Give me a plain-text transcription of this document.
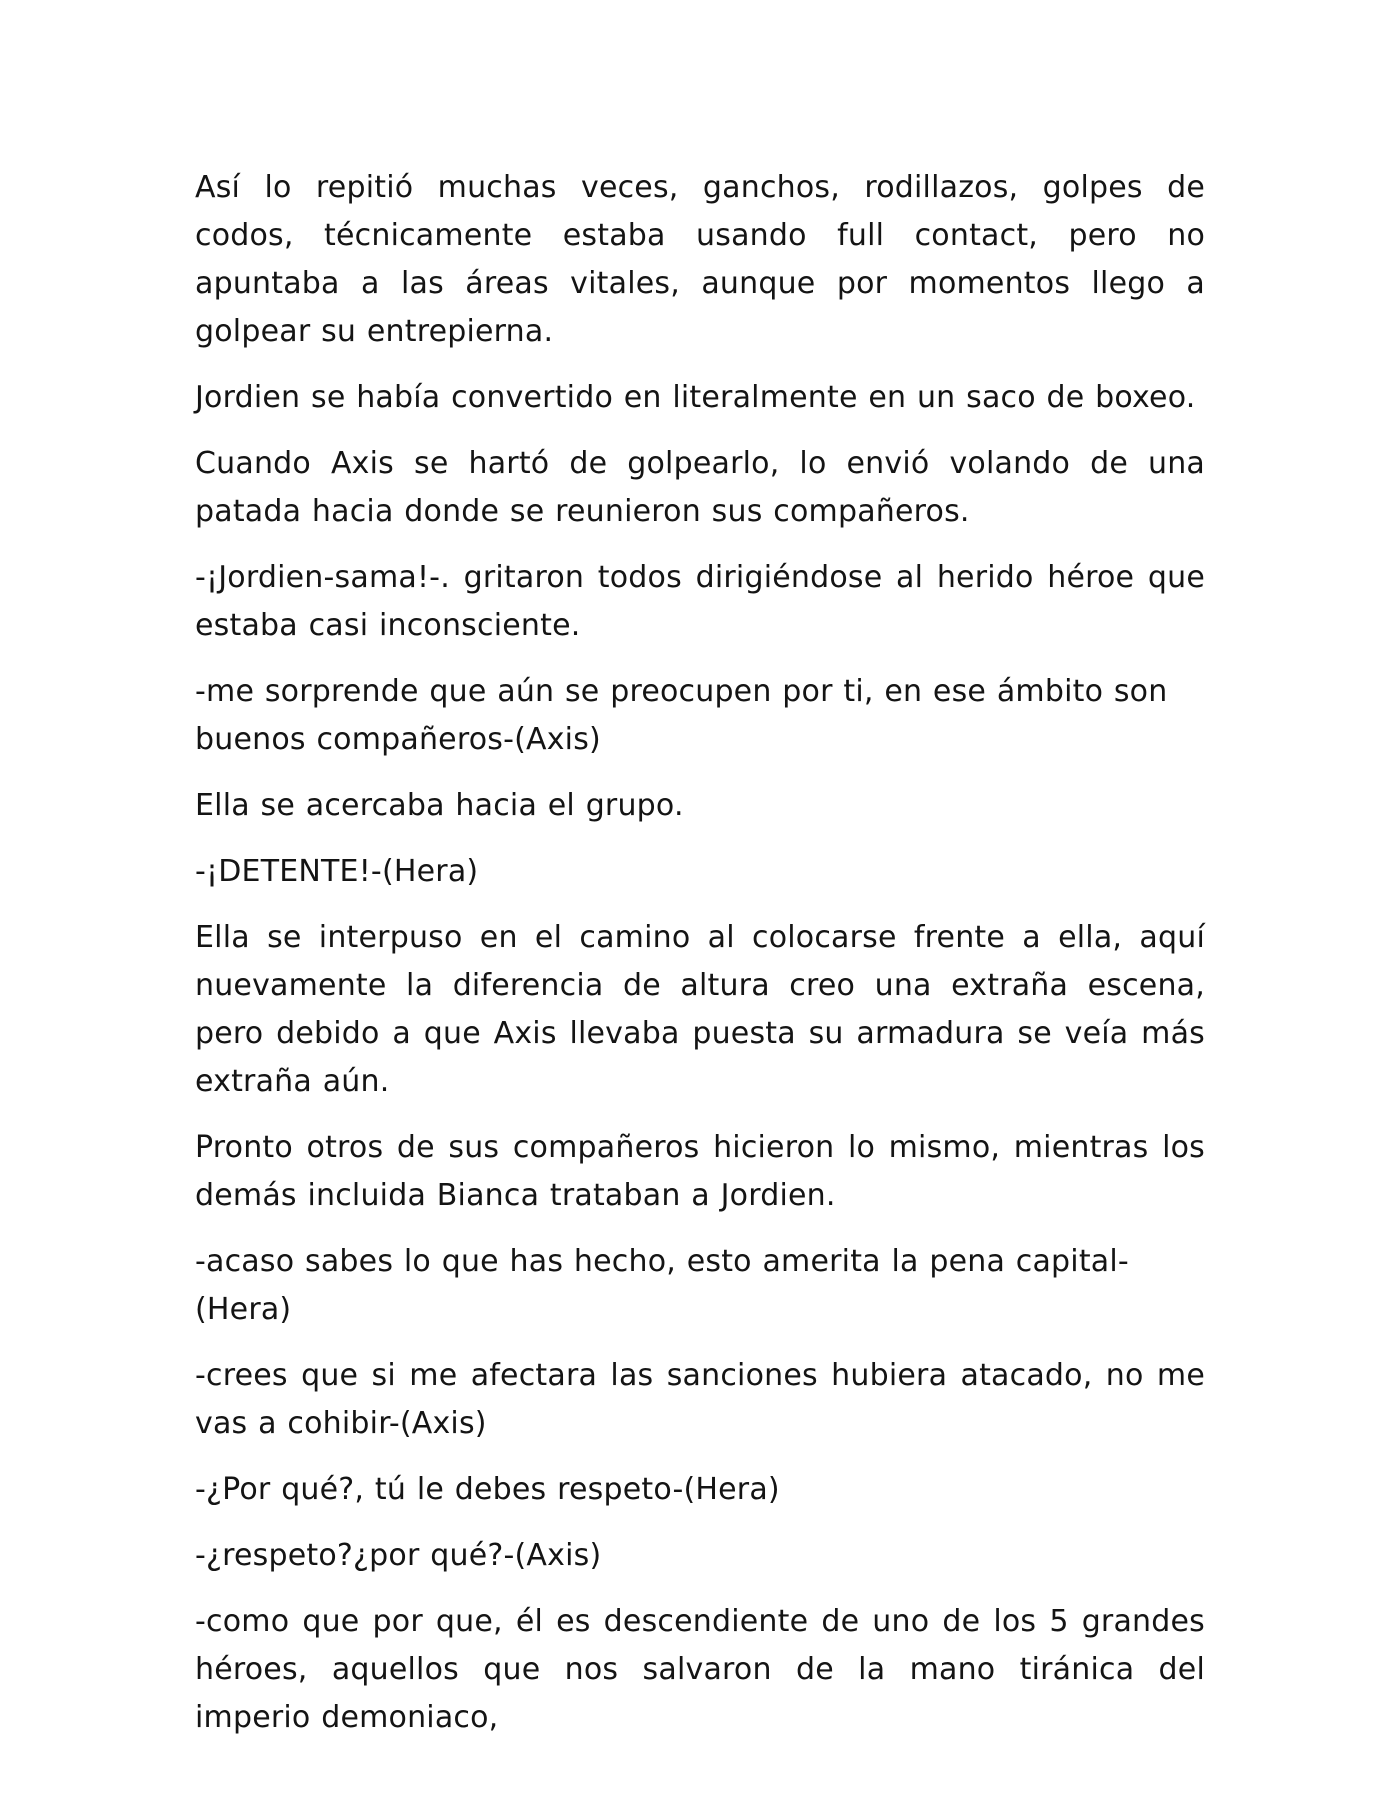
Así lo repitió muchas veces, ganchos, rodillazos, golpes de codos, técnicamente estaba usando full contact, pero no apuntaba a las áreas vitales, aunque por momentos llego a golpear su entrepierna.

Jordien se había convertido en literalmente en un saco de boxeo.

Cuando Axis se hartó de golpearlo, lo envió volando de una patada hacia donde se reunieron sus compañeros.

-¡Jordien-sama!-. gritaron todos dirigiéndose al herido héroe que estaba casi inconsciente.

-me sorprende que aún se preocupen por ti, en ese ámbito son buenos compañeros-(Axis)

Ella se acercaba hacia el grupo.

-¡DETENTE!-(Hera)

Ella se interpuso en el camino al colocarse frente a ella, aquí nuevamente la diferencia de altura creo una extraña escena, pero debido a que Axis llevaba puesta su armadura se veía más extraña aún.

Pronto otros de sus compañeros hicieron lo mismo, mientras los demás incluida Bianca trataban a Jordien.

-acaso sabes lo que has hecho, esto amerita la pena capital-(Hera)

-crees que si me afectara las sanciones hubiera atacado, no me vas a cohibir-(Axis)

-¿Por qué?, tú le debes respeto-(Hera)

-¿respeto?¿por qué?-(Axis)

-como que por que, él es descendiente de uno de los 5 grandes héroes, aquellos que nos salvaron de la mano tiránica del imperio demoniaco,
